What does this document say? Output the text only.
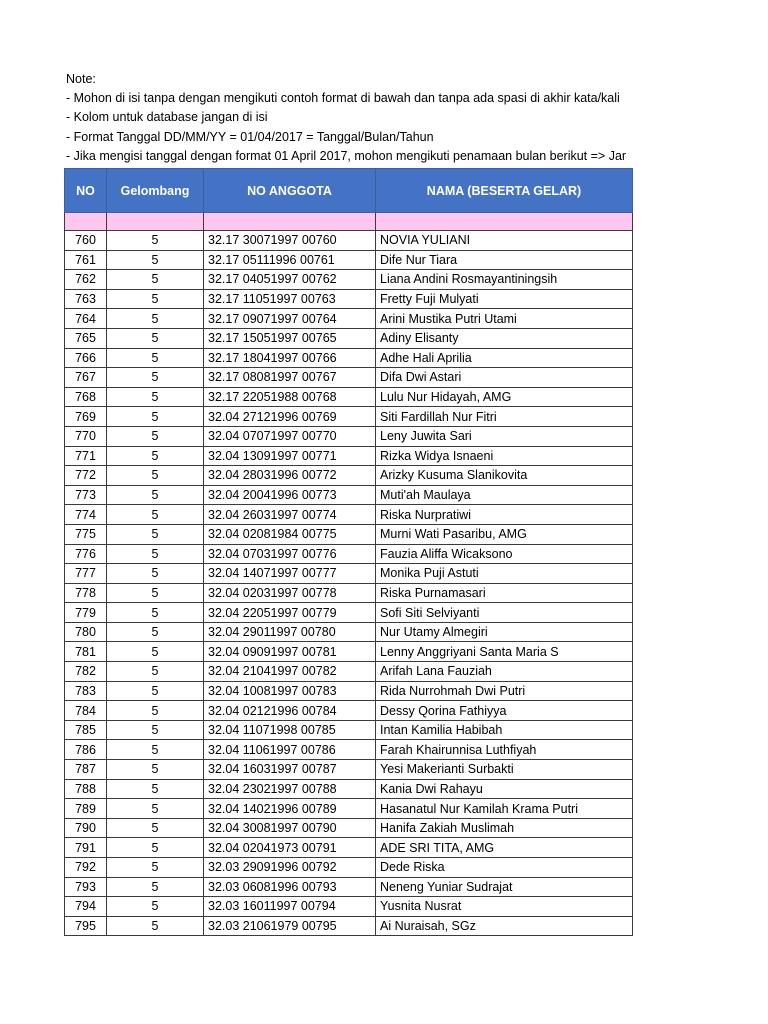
Note:
- Mohon di isi tanpa dengan mengikuti contoh format di bawah dan tanpa ada spasi di akhir kata/kali
- Kolom untuk database jangan di isi
- Format Tanggal DD/MM/YY = 01/04/2017 = Tanggal/Bulan/Tahun
- Jika mengisi tanggal dengan format 01 April 2017, mohon mengikuti penamaan bulan berikut => Jar
NO	Gelombang	NO ANGGOTA	NAMA (BESERTA GELAR)

760	5	32.17 30071997 00760	NOVIA YULIANI
761	5	32.17 05111996 00761	Dife Nur Tiara
762	5	32.17 04051997 00762	Liana Andini Rosmayantiningsih
763	5	32.17 11051997 00763	Fretty Fuji Mulyati
764	5	32.17 09071997 00764	Arini Mustika Putri Utami
765	5	32.17 15051997 00765	Adiny Elisanty
766	5	32.17 18041997 00766	Adhe Hali Aprilia
767	5	32.17 08081997 00767	Difa Dwi Astari
768	5	32.17 22051988 00768	Lulu Nur Hidayah, AMG
769	5	32.04 27121996 00769	Siti Fardillah Nur Fitri
770	5	32.04 07071997 00770	Leny Juwita Sari
771	5	32.04 13091997 00771	Rizka Widya Isnaeni
772	5	32.04 28031996 00772	Arizky Kusuma Slanikovita
773	5	32.04 20041996 00773	Muti'ah Maulaya
774	5	32.04 26031997 00774	Riska Nurpratiwi
775	5	32.04 02081984 00775	Murni Wati Pasaribu, AMG
776	5	32.04 07031997 00776	Fauzia Aliffa Wicaksono
777	5	32.04 14071997 00777	Monika Puji Astuti
778	5	32.04 02031997 00778	Riska Purnamasari
779	5	32.04 22051997 00779	Sofi Siti Selviyanti
780	5	32.04 29011997 00780	Nur Utamy Almegiri
781	5	32.04 09091997 00781	Lenny Anggriyani Santa Maria S
782	5	32.04 21041997 00782	Arifah Lana Fauziah
783	5	32.04 10081997 00783	Rida Nurrohmah Dwi Putri
784	5	32.04 02121996 00784	Dessy Qorina Fathiyya
785	5	32.04 11071998 00785	Intan Kamilia Habibah
786	5	32.04 11061997 00786	Farah Khairunnisa Luthfiyah
787	5	32.04 16031997 00787	Yesi Makerianti Surbakti
788	5	32.04 23021997 00788	Kania Dwi Rahayu
789	5	32.04 14021996 00789	Hasanatul Nur Kamilah Krama Putri
790	5	32.04 30081997 00790	Hanifa Zakiah Muslimah
791	5	32.04 02041973 00791	ADE SRI TITA, AMG
792	5	32.03 29091996 00792	Dede Riska
793	5	32.03 06081996 00793	Neneng Yuniar Sudrajat
794	5	32.03 16011997 00794	Yusnita Nusrat
795	5	32.03 21061979 00795	Ai Nuraisah, SGz
